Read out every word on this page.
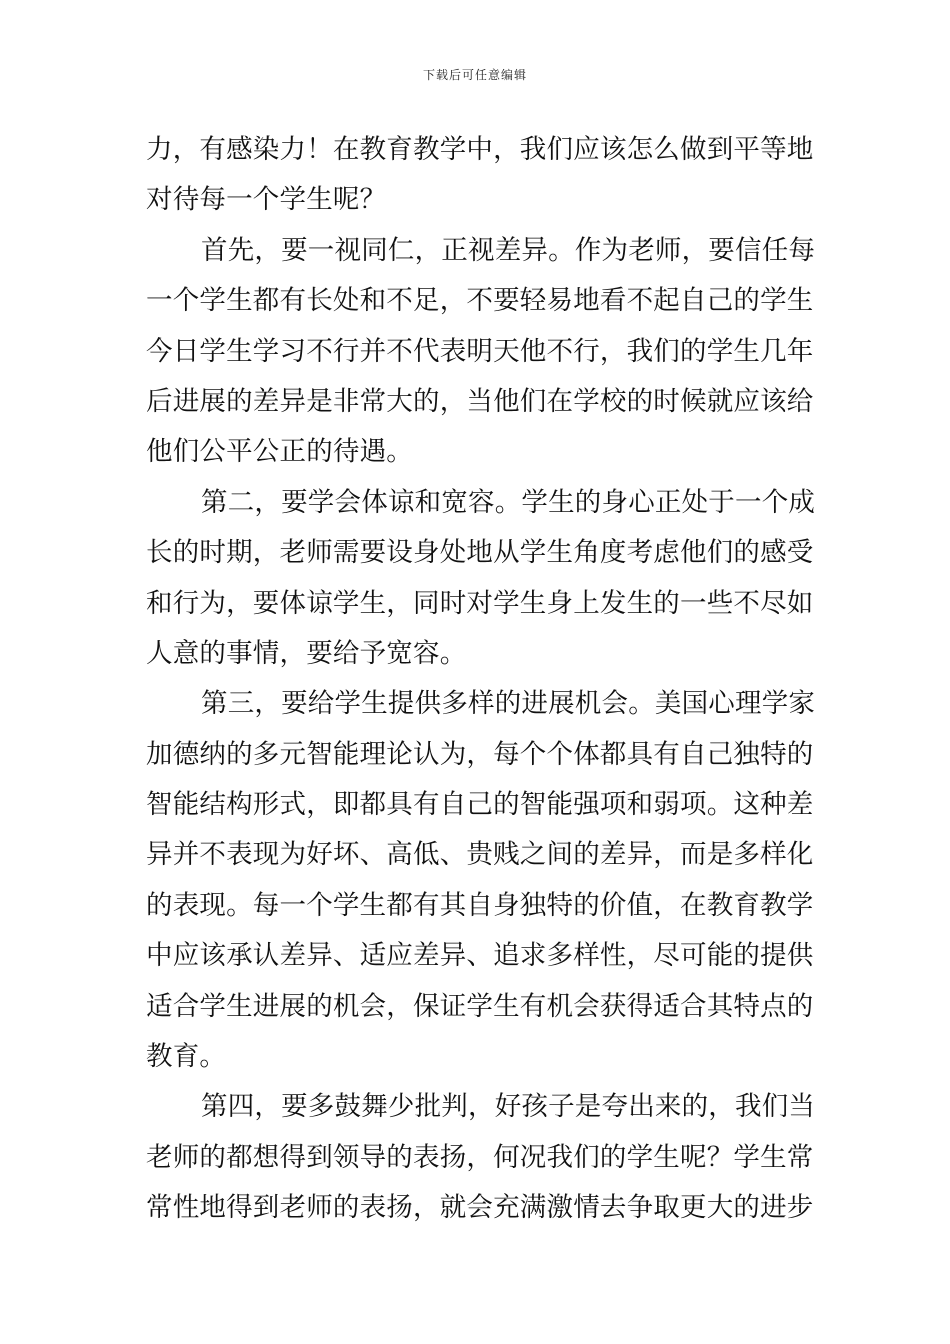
下载后可任意编辑
力，有感染力！在教育教学中，我们应该怎么做到平等地
对待每一个学生呢？
首先，要一视同仁，正视差异。作为老师，要信任每
一个学生都有长处和不足，不要轻易地看不起自己的学生
今日学生学习不行并不代表明天他不行，我们的学生几年
后进展的差异是非常大的，当他们在学校的时候就应该给
他们公平公正的待遇。
第二，要学会体谅和宽容。学生的身心正处于一个成
长的时期，老师需要设身处地从学生角度考虑他们的感受
和行为，要体谅学生，同时对学生身上发生的一些不尽如
人意的事情，要给予宽容。
第三，要给学生提供多样的进展机会。美国心理学家
加德纳的多元智能理论认为，每个个体都具有自己独特的
智能结构形式，即都具有自己的智能强项和弱项。这种差
异并不表现为好坏、高低、贵贱之间的差异，而是多样化
的表现。每一个学生都有其自身独特的价值，在教育教学
中应该承认差异、适应差异、追求多样性，尽可能的提供
适合学生进展的机会，保证学生有机会获得适合其特点的
教育。
第四，要多鼓舞少批判，好孩子是夸出来的，我们当
老师的都想得到领导的表扬，何况我们的学生呢？学生常
常性地得到老师的表扬，就会充满激情去争取更大的进步
